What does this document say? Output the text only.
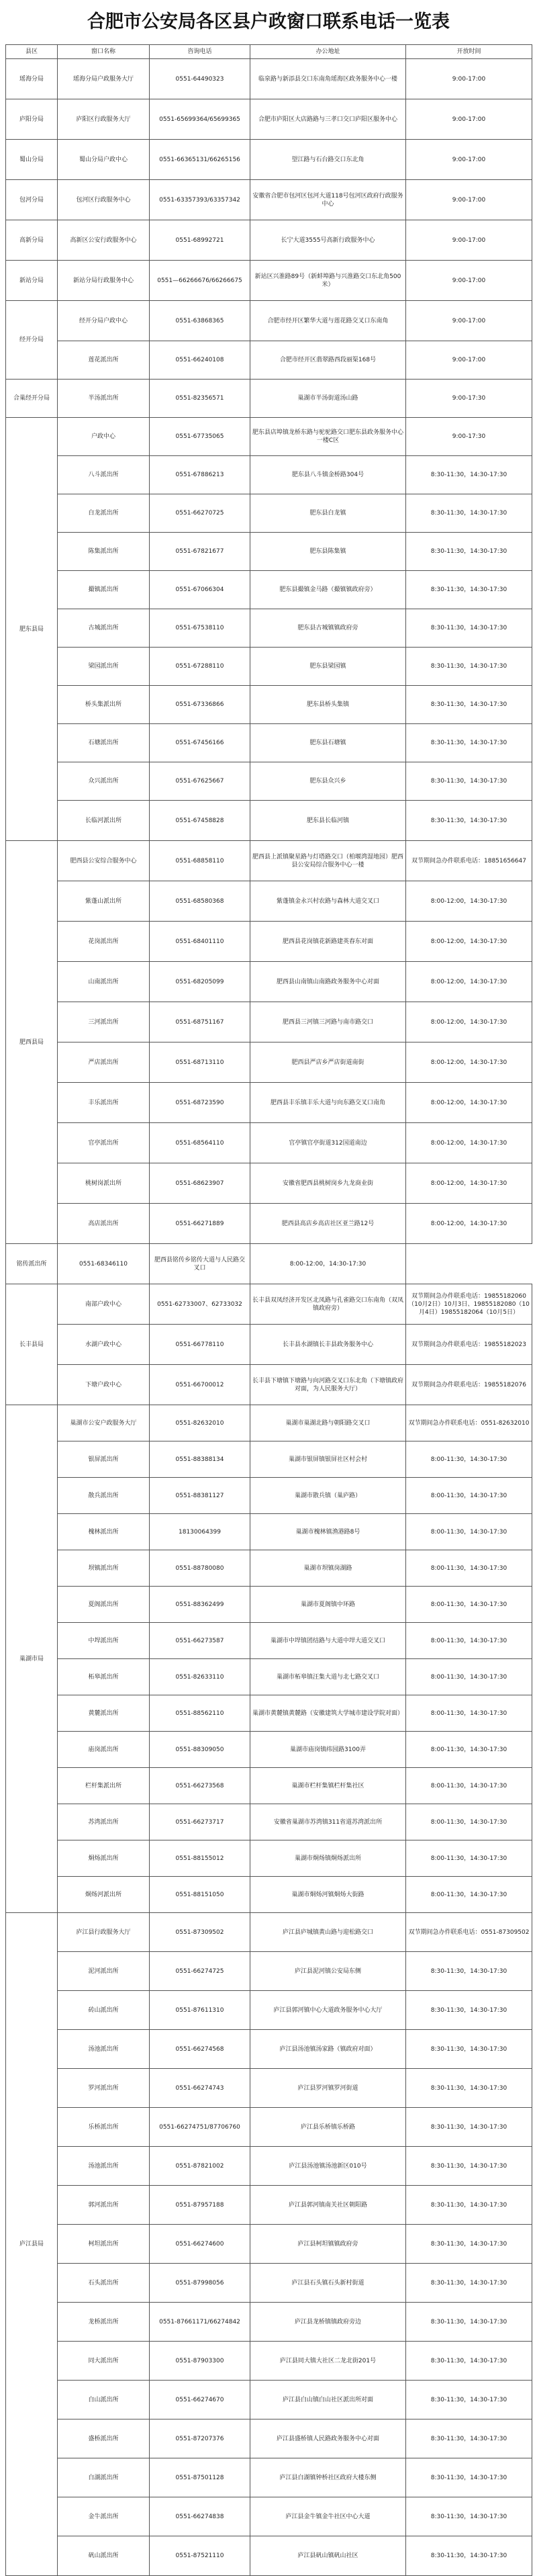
合肥市公安局各区县户政窗口联系电话一览表
县区	窗口名称	咨询电话	办公地址	开放时间
瑶海分局	瑶海分局户政服务大厅	0551-64490323	临泉路与新添县交口东南角瑶海区政务服务中心一楼	9:00-17:00
庐阳分局	庐阳区行政服务大厅	0551-65699364/65699365	合肥市庐阳区大店路路与三孝口交口庐阳区服务中心	9:00-17:00
蜀山分局	蜀山分局户政中心	0551-66365131/66265156	望江路与石台路交口东北角	9:00-17:00
包河分局	包河区行政服务中心	0551-63357393/63357342	安徽省合肥市包河区包河大道118号包河区政府行政服务中心	9:00-17:00
高新分局	高新区公安行政服务中心	0551-68992721	长宁大道3555号高新行政服务中心	9:00-17:00
新站分局	新站分局行政服务中心	0551—66266676/66266675	新站区兴淮路89号（新蚌埠路与兴淮路交口东北角500米）	9:00-17:00
经开分局	经开分局户政中心	0551-63868365	合肥市经开区繁华大道与莲花路交叉口东南角	9:00-17:00
	莲花派出所	0551-66240108	合肥市经开区翡翠路西段丽渠168号	9:00-17:00
合巢经开分局	半汤派出所	0551-82356571	巢湖市半汤街道汤山路	9:00-17:30
肥东县局	户政中心	0551-67735065	肥东县店埠镇龙桥东路与驼驼路交口肥东县政务服务中心一楼C区	9:00-17:30
	八斗派出所	0551-67886213	肥东县八斗镇金桥路304号	8:30-11:30，14:30-17:30
	白龙派出所	0551-66270725	肥东县白龙镇	8:30-11:30，14:30-17:30
	陈集派出所	0551-67821677	肥东县陈集镇	8:30-11:30，14:30-17:30
	撮镇派出所	0551-67066304	肥东县撮镇金马路（撮镇镇政府旁）	8:30-11:30，14:30-17:30
	古城派出所	0551-67538110	肥东县古城镇镇政府旁	8:30-11:30，14:30-17:30
	梁园派出所	0551-67288110	肥东县梁园镇	8:30-11:30，14:30-17:30
	桥头集派出所	0551-67336866	肥东县桥头集镇	8:30-11:30，14:30-17:30
	石塘派出所	0551-67456166	肥东县石塘镇	8:30-11:30，14:30-17:30
	众兴派出所	0551-67625667	肥东县众兴乡	8:30-11:30，14:30-17:30
	长临河派出所	0551-67458828	肥东县长临河镇	8:30-11:30，14:30-17:30
肥西县局	肥西县公安综合服务中心	0551-68858110	肥西县上派镇聚星路与灯塔路交口（柏堰湾湿地园）肥西县公安局综合服务中心一楼	双节期间急办件联系电话：18851656647
	紫蓬山派出所	0551-68580368	紫蓬镇金永兴村农路与森林大道交叉口	8:00-12:00，14:30-17:30
	花岗派出所	0551-68401110	肥西县花岗镇花新路建英春东对面	8:00-12:00，14:30-17:30
	山南派出所	0551-68205099	肥西县山南镇山南路政务服务中心对面	8:00-12:00，14:30-17:30
	三河派出所	0551-68751167	肥西县三河镇三河路与南市路交口	8:00-12:00，14:30-17:30
	严店派出所	0551-68713110	肥西县严店乡严店街道南街	8:00-12:00，14:30-17:30
	丰乐派出所	0551-68723590	肥西县丰乐镇丰乐大道与向东路交叉口南角	8:00-12:00，14:30-17:30
	官亭派出所	0551-68564110	官亭镇官亭街道312国道南边	8:00-12:00，14:30-17:30
	桃树岗派出所	0551-68623907	安徽省肥西县桃树岗乡九龙商业街	8:00-12:00，14:30-17:30
	高店派出所	0551-66271889	肥西县高店乡高店社区亚兰路12号	8:00-12:00，14:30-17:30
铭传派出所	0551-68346110	肥西县铭传乡铭传大道与人民路交叉口	8:00-12:00，14:30-17:30	
长丰县局	南部户政中心	0551-62733007、62733032	长丰县双凤经济开发区北凤路与孔雀路交口东南角（双凤镇政府旁）	双节期间急办件联系电话：19855182060（10月2日）10月3日、19855182080（10月4日）19855182064（10月5日）
	水湖户政中心	0551-66778110	长丰县水湖镇长丰县政务服务中心	双节期间急办件联系电话：19855182023
	下塘户政中心	0551-66700012	长丰县下塘镇下塘路与向河路交叉口东北角（下塘镇政府对面，为人民服务大厅）	双节期间急办件联系电话：19855182076
巢湖市局	巢湖市公安户政服务大厅	0551-82632010	巢湖市巢湖北路与朝阳路交叉口	双节期间急办件联系电话：0551-82632010
	银屏派出所	0551-88388134	巢湖市银屏镇银屏社区村会村	8:00-11:30，14:30-17:30
	散兵派出所	0551-88381127	巢湖市散兵镇（巢庐路）	8:00-11:30，14:30-17:30
	槐林派出所	18130064399	巢湖市槐林镇渔港路8号	8:00-11:30，14:30-17:30
	坝镇派出所	0551-88780080	巢湖市坝镇岗湖路	8:00-11:30，14:30-17:30
	夏阁派出所	0551-88362499	巢湖市夏阁镇中环路	8:00-11:30，14:30-17:30
	中垾派出所	0551-66273587	巢湖市中垾镇团结路与大道中垾大道交叉口	8:00-11:30，14:30-17:30
	柘皋派出所	0551-82633110	巢湖市柘皋镇汪集大道与北七路交叉口	8:00-11:30，14:30-17:30
	黄麓派出所	0551-88562110	巢湖市黄麓镇黄麓路（安徽建筑大学城市建设学院对面）	8:00-11:30，14:30-17:30
	庙岗派出所	0551-88309050	巢湖市庙岗镇纬园路3100弄	8:00-11:30，14:30-17:30
	栏杆集派出所	0551-66273568	巢湖市栏杆集镇栏杆集社区	8:00-11:30，14:30-17:30
	苏湾派出所	0551-66273717	安徽省巢湖市苏湾镇311省道苏湾派出所	8:00-11:30，14:30-17:30
	烔炀派出所	0551-88155012	巢湖市烔炀镇烔炀派出所	8:00-11:30，14:30-17:30
	烔炀河派出所	0551-88151050	巢湖市烔炀河镇烔炀大街路	8:00-11:30，14:30-17:30
庐江县局	庐江县行政服务大厅	0551-87309502	庐江县庐城镇黄山路与迎松路交口	双节期间急办件联系电话：0551-87309502
	泥河派出所	0551-66274725	庐江县泥河镇公安局东侧	8:30-11:30，14:30-17:30
	砖山派出所	0551-87611310	庐江县郭河镇中心大道政务服务中心大厅	8:30-11:30，14:30-17:30
	汤池派出所	0551-66274568	庐江县汤池镇汤家路（镇政府对面）	8:30-11:30，14:30-17:30
	罗河派出所	0551-66274743	庐江县罗河镇罗河街道	8:30-11:30，14:30-17:30
	乐桥派出所	0551-66274751/87706760	庐江县乐桥镇乐桥路	8:30-11:30，14:30-17:30
	汤池派出所	0551-87821002	庐江县汤池镇汤池新区010号	8:30-11:30，14:30-17:30
	郭河派出所	0551-87957188	庐江县郭河镇南关社区朝阳路	8:30-11:30，14:30-17:30
	柯坦派出所	0551-66274600	庐江县柯坦镇镇政府旁	8:30-11:30，14:30-17:30
	石头派出所	0551-87998056	庐江县石头镇石头新村街道	8:30-11:30，14:30-17:30
	龙桥派出所	0551-87661171/66274842	庐江县龙桥镇镇政府旁边	8:30-11:30，14:30-17:30
	同大派出所	0551-87903300	庐江县同大镇大社区二龙北街201号	8:30-11:30，14:30-17:30
	白山派出所	0551-66274670	庐江县白山镇白山社区派出所对面	8:30-11:30，14:30-17:30
	盛桥派出所	0551-87207376	庐江县盛桥镇人民路政务服务中心对面	8:30-11:30，14:30-17:30
	白湖派出所	0551-87501128	庐江县白湖镇钟桥社区政府大楼东侧	8:30-11:30，14:30-17:30
	金牛派出所	0551-66274838	庐江县金牛镇金牛社区中心大道	8:30-11:30，14:30-17:30
	矾山派出所	0551-87521110	庐江县矾山镇矾山社区	8:30-11:30，14:30-17:30
